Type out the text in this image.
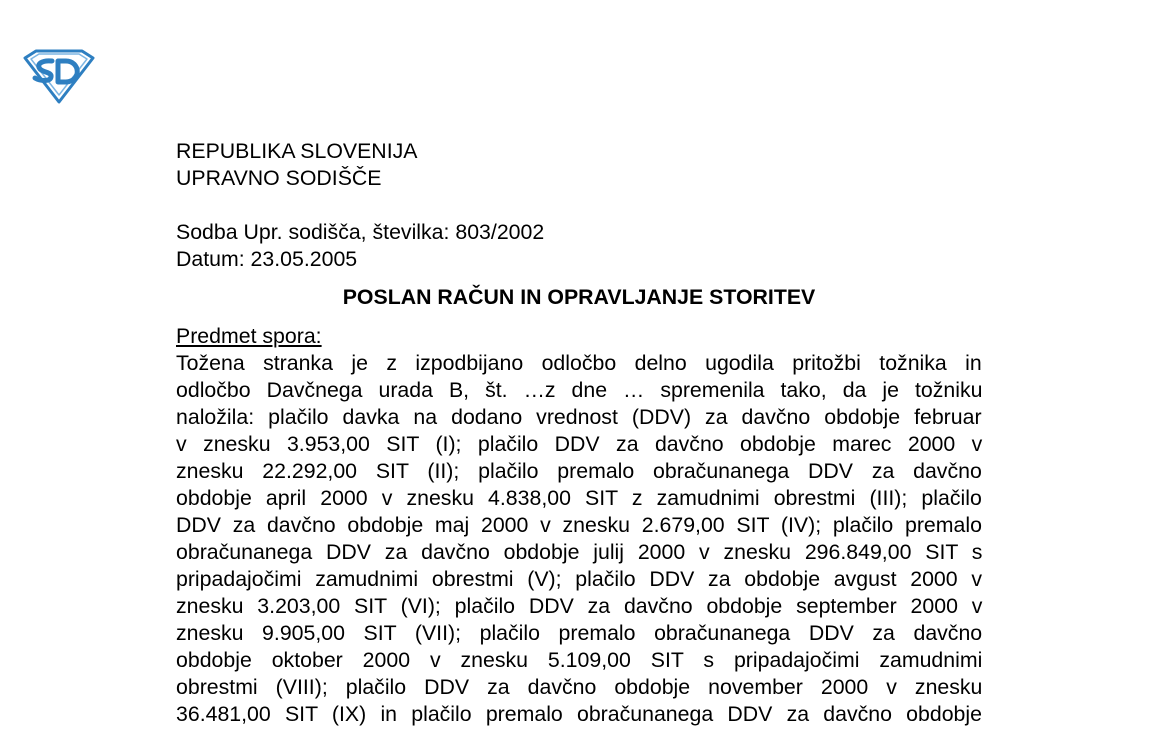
REPUBLIKA SLOVENIJA
UPRAVNO SODIŠČE
Sodba Upr. sodišča, številka: 803/2002
Datum: 23.05.2005
POSLAN RAČUN IN OPRAVLJANJE STORITEV
Predmet spora:
Tožena stranka je z izpodbijano odločbo delno ugodila pritožbi tožnika in
odločbo Davčnega urada B, št. …z dne … spremenila tako, da je tožniku
naložila: plačilo davka na dodano vrednost (DDV) za davčno obdobje februar
v znesku 3.953,00 SIT (I); plačilo DDV za davčno obdobje marec 2000 v
znesku 22.292,00 SIT (II); plačilo premalo obračunanega DDV za davčno
obdobje april 2000 v znesku 4.838,00 SIT z zamudnimi obrestmi (III); plačilo
DDV za davčno obdobje maj 2000 v znesku 2.679,00 SIT (IV); plačilo premalo
obračunanega DDV za davčno obdobje julij 2000 v znesku 296.849,00 SIT s
pripadajočimi zamudnimi obrestmi (V); plačilo DDV za obdobje avgust 2000 v
znesku 3.203,00 SIT (VI); plačilo DDV za davčno obdobje september 2000 v
znesku 9.905,00 SIT (VII); plačilo premalo obračunanega DDV za davčno
obdobje oktober 2000 v znesku 5.109,00 SIT s pripadajočimi zamudnimi
obrestmi (VIII); plačilo DDV za davčno obdobje november 2000 v znesku
36.481,00 SIT (IX) in plačilo premalo obračunanega DDV za davčno obdobje
